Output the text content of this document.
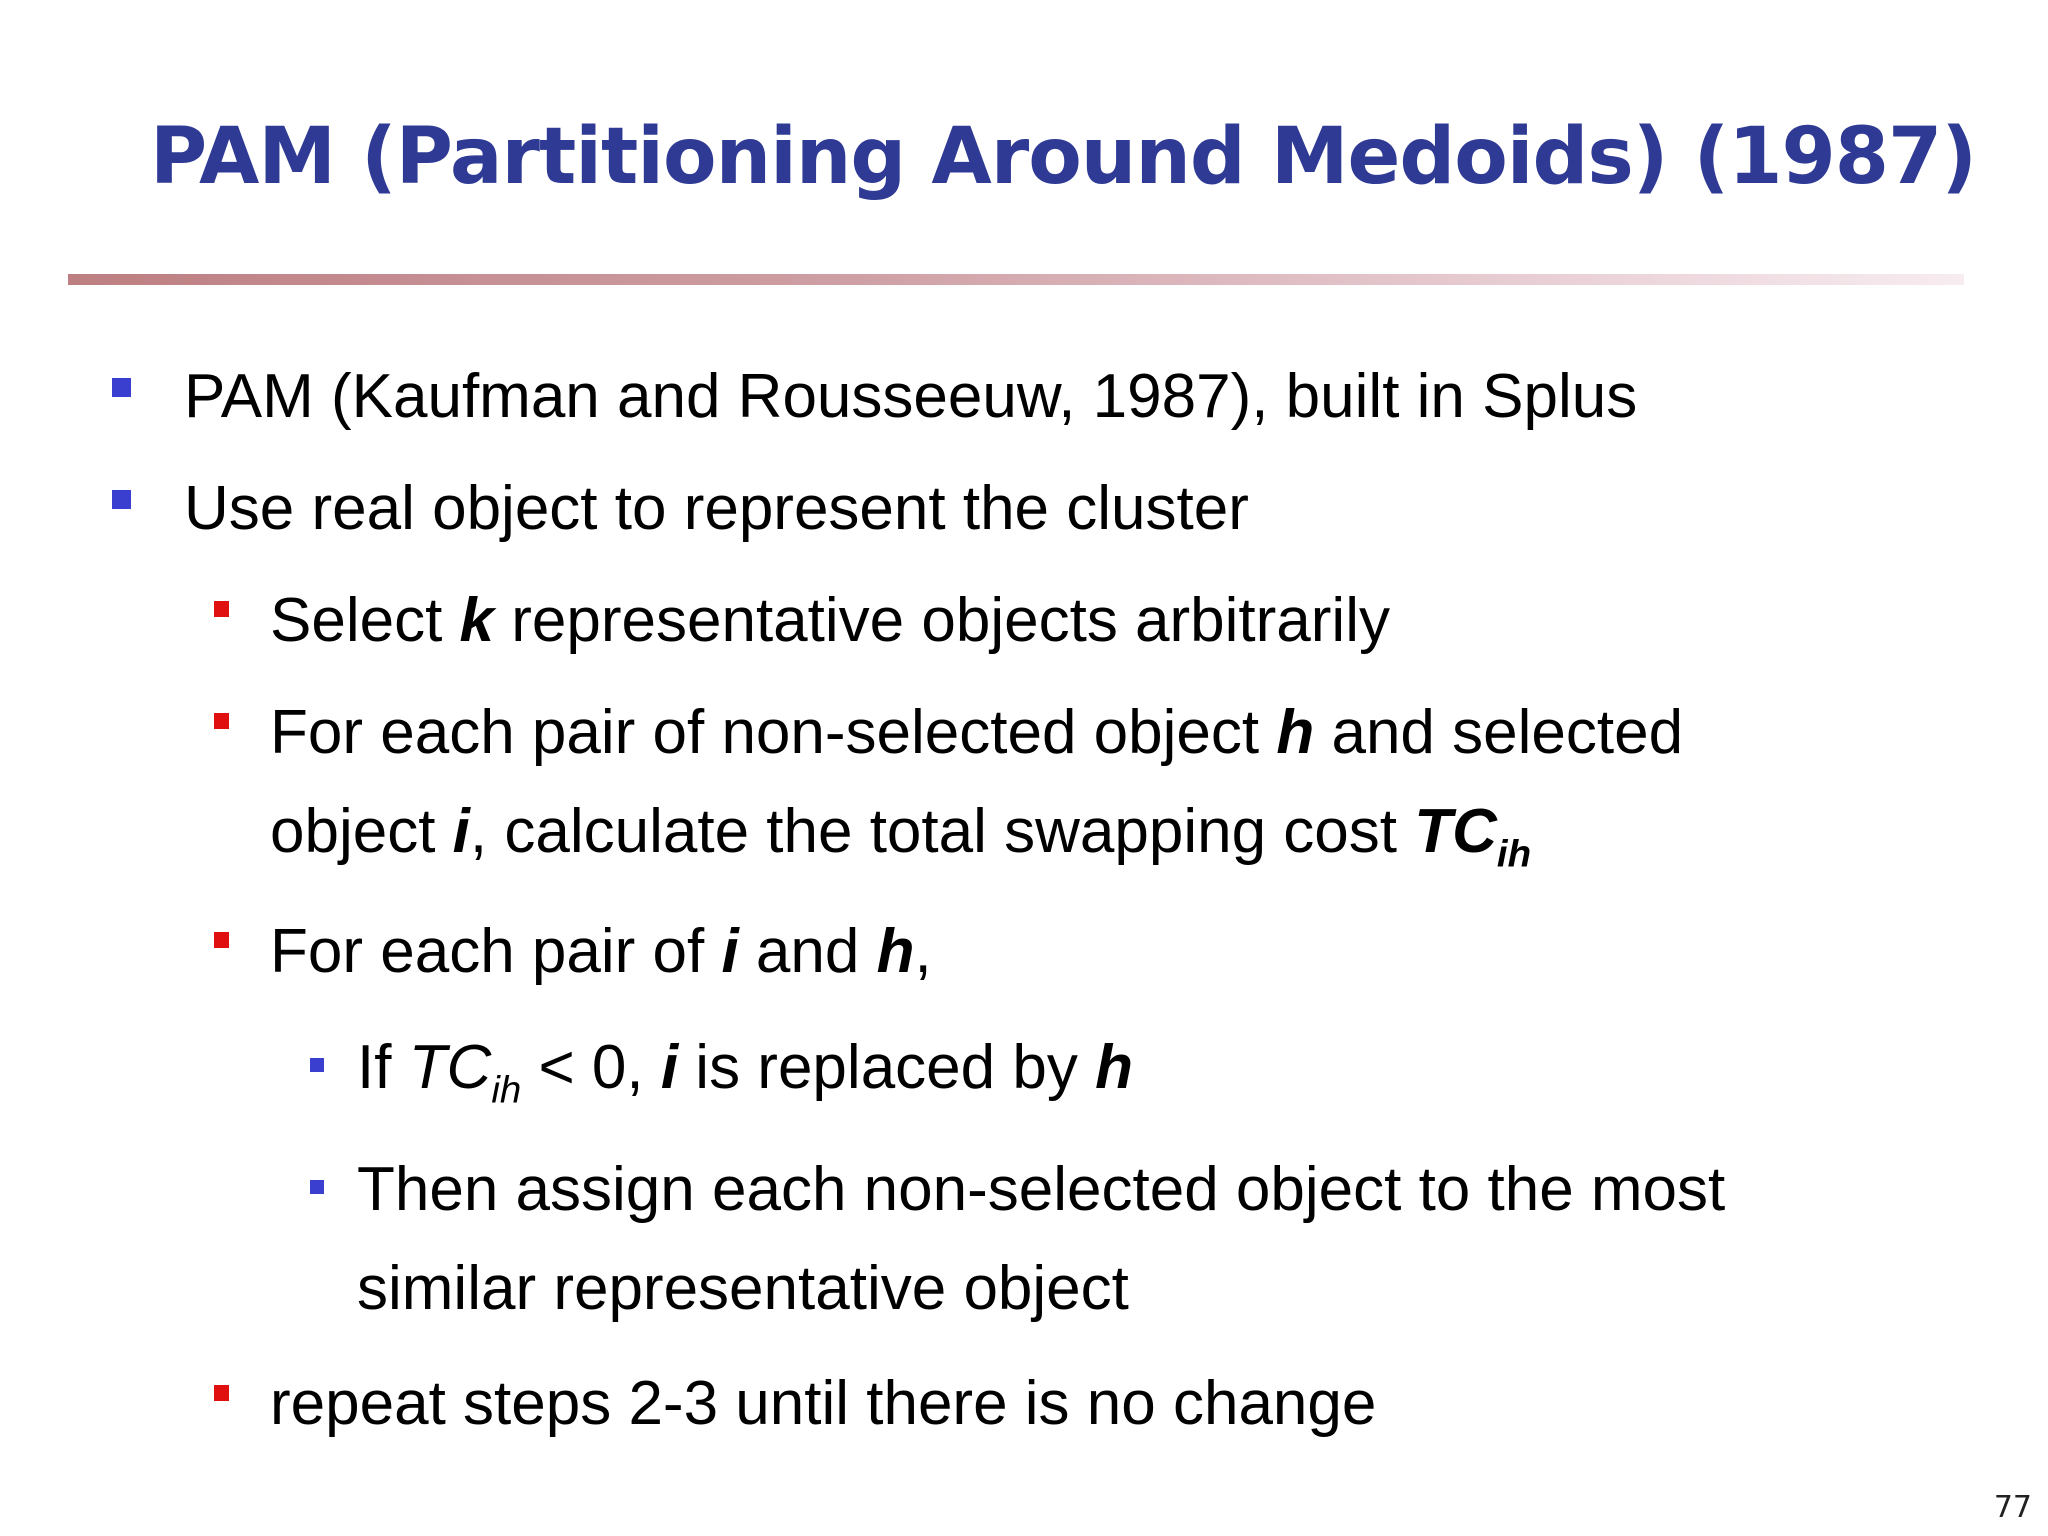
PAM (Partitioning Around Medoids) (1987)
PAM (Kaufman and Rousseeuw, 1987), built in Splus
Use real object to represent the cluster
Select k representative objects arbitrarily
For each pair of non-selected object h and selected
object i, calculate the total swapping cost $TC_{ih}$
For each pair of i and h,
If $TC_{ih} < 0$, i is replaced by h
Then assign each non-selected object to the most
similar representative object
repeat steps 2-3 until there is no change
77
